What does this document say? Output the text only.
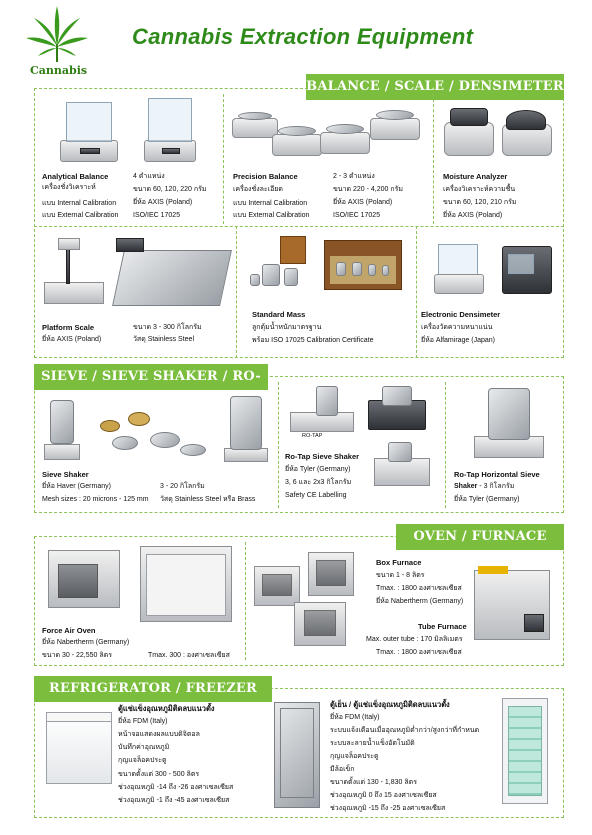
Cannabis
Cannabis Extraction Equipment
BALANCE / SCALE / DENSIMETER
Analytical Balance
เครื่องชั่งวิเคราะห์
แบบ Internal Calibration
แบบ External Calibration
4 ตำแหน่ง
ขนาด 60, 120, 220 กรัม
ยี่ห้อ AXIS (Poland)
ISO/IEC 17025
Precision Balance
เครื่องชั่งละเอียด
แบบ Internal Calibration
แบบ External Calibration
2 - 3 ตำแหน่ง
ขนาด 220 - 4,200 กรัม
ยี่ห้อ AXIS (Poland)
ISO/IEC 17025
Moisture Analyzer
เครื่องวิเคราะห์ความชื้น
ขนาด 60, 120, 210 กรัม
ยี่ห้อ AXIS (Poland)
Platform Scale
ยี่ห้อ AXIS (Poland)
ขนาด 3 - 300 กิโลกรัม
วัสดุ Stainless Steel
Standard Mass
ลูกตุ้มน้ำหนักมาตรฐาน
พร้อม ISO 17025 Calibration Certificate
Electronic Densimeter
เครื่องวัดความหนาแน่น
ยี่ห้อ Alfamirage (Japan)
SIEVE / SIEVE SHAKER / RO-TAP
Sieve Shaker
ยี่ห้อ Haver (Germany)
Mesh sizes : 20 microns - 125 mm
3 - 20 กิโลกรัม
วัสดุ Stainless Steel หรือ Brass
RO-TAP
Ro-Tap Sieve Shaker
ยี่ห้อ Tyler (Germany)
3, 6 และ 2x3 กิโลกรัม
Safety CE Labelling
Ro-Tap Horizontal Sieve
Shaker - 3 กิโลกรัม
ยี่ห้อ Tyler (Germany)
OVEN / FURNACE
Force Air Oven
ยี่ห้อ Nabertherm (Germany)
ขนาด 30 - 22,550 ลิตร	Tmax. 300 : องศาเซลเซียส
Box Furnace
ขนาด 1 - 8 ลิตร
Tmax. : 1800 องศาเซลเซียส
ยี่ห้อ Nabertherm (Germany)
Tube Furnace
Max. outer tube : 170 มิลลิเมตร
Tmax. : 1800 องศาเซลเซียส
REFRIGERATOR / FREEZER
ตู้แช่แข็งอุณหภูมิติดลบแนวตั้ง
ยี่ห้อ FDM (Italy)
หน้าจอแสดงผลแบบดิจิตอล
บันทึกค่าอุณหภูมิ
กุญแจล็อคประตู
ขนาดตั้งแต่ 300 - 500 ลิตร
ช่วงอุณหภูมิ -14 ถึง -26 องศาเซลเซียส
ช่วงอุณหภูมิ -1 ถึง -45 องศาเซลเซียส
ตู้เย็น / ตู้แช่แข็งอุณหภูมิติดลบแนวตั้ง
ยี่ห้อ FDM (Italy)
ระบบแจ้งเตือนเมื่ออุณหภูมิต่ำกว่า/สูงกว่าที่กำหนด
ระบบละลายน้ำแข็งอัตโนมัติ
กุญแจล็อคประตู
มีล้อเข็ก
ขนาดตั้งแต่ 130 - 1,830 ลิตร
ช่วงอุณหภูมิ 0 ถึง 15 องศาเซลเซียส
ช่วงอุณหภูมิ -15 ถึง -25 องศาเซลเซียส
